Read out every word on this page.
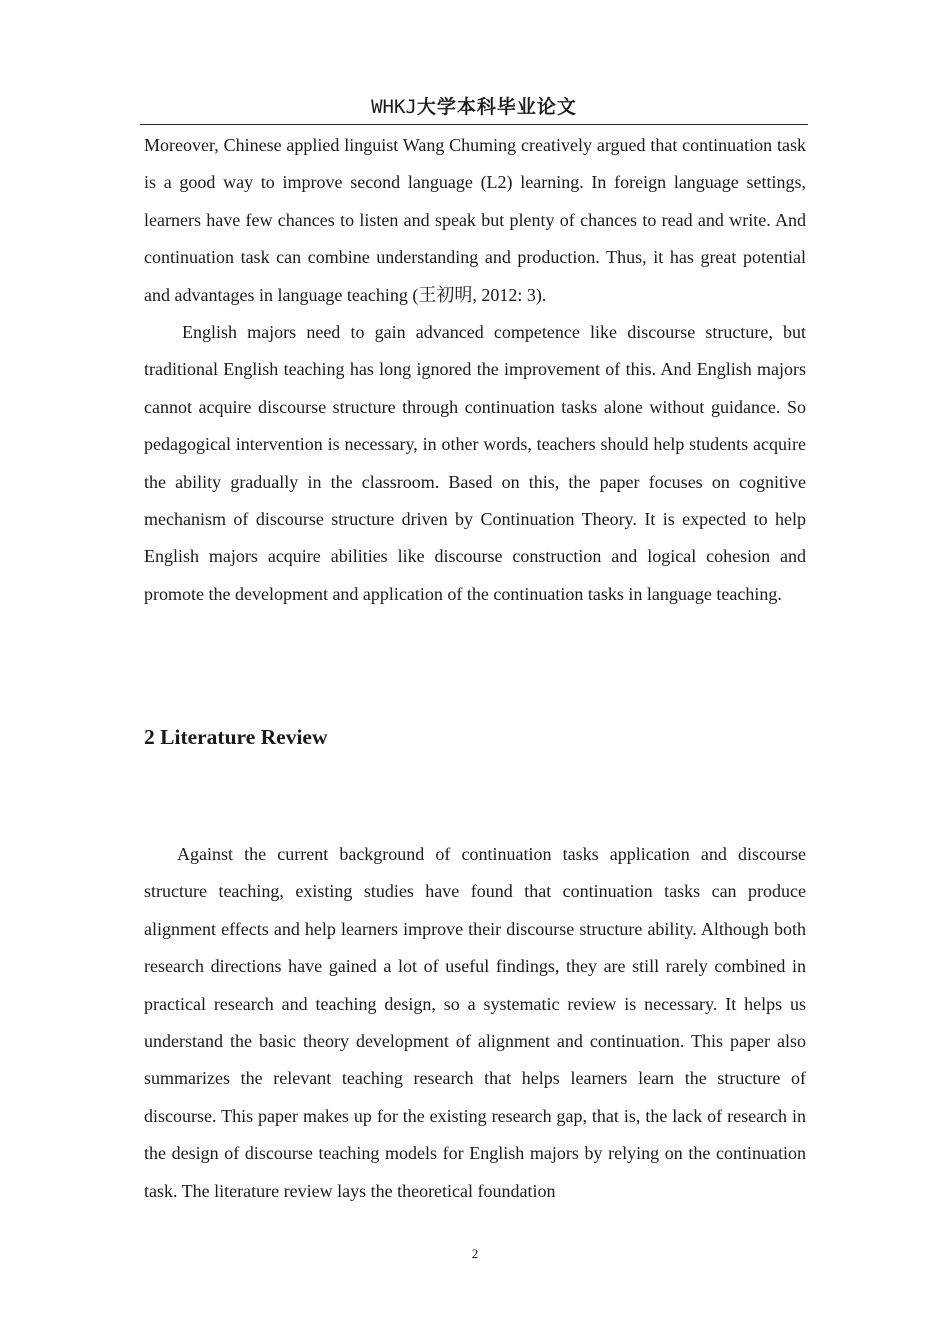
WHKJ大学本科毕业论文

Moreover, Chinese applied linguist Wang Chuming creatively argued that continuation task is a good way to improve second language (L2) learning. In foreign language settings, learners have few chances to listen and speak but plenty of chances to read and write. And continuation task can combine understanding and production. Thus, it has great potential and advantages in language teaching (王初明, 2012: 3).

English majors need to gain advanced competence like discourse structure, but traditional English teaching has long ignored the improvement of this. And English majors cannot acquire discourse structure through continuation tasks alone without guidance. So pedagogical intervention is necessary, in other words, teachers should help students acquire the ability gradually in the classroom. Based on this, the paper focuses on cognitive mechanism of discourse structure driven by Continuation Theory. It is expected to help English majors acquire abilities like discourse construction and logical cohesion and promote the development and application of the continuation tasks in language teaching.

2 Literature Review

Against the current background of continuation tasks application and discourse structure teaching, existing studies have found that continuation tasks can produce alignment effects and help learners improve their discourse structure ability. Although both research directions have gained a lot of useful findings, they are still rarely combined in practical research and teaching design, so a systematic review is necessary. It helps us understand the basic theory development of alignment and continuation. This paper also summarizes the relevant teaching research that helps learners learn the structure of discourse. This paper makes up for the existing research gap, that is, the lack of research in the design of discourse teaching models for English majors by relying on the continuation task. The literature review lays the theoretical foundation

2
